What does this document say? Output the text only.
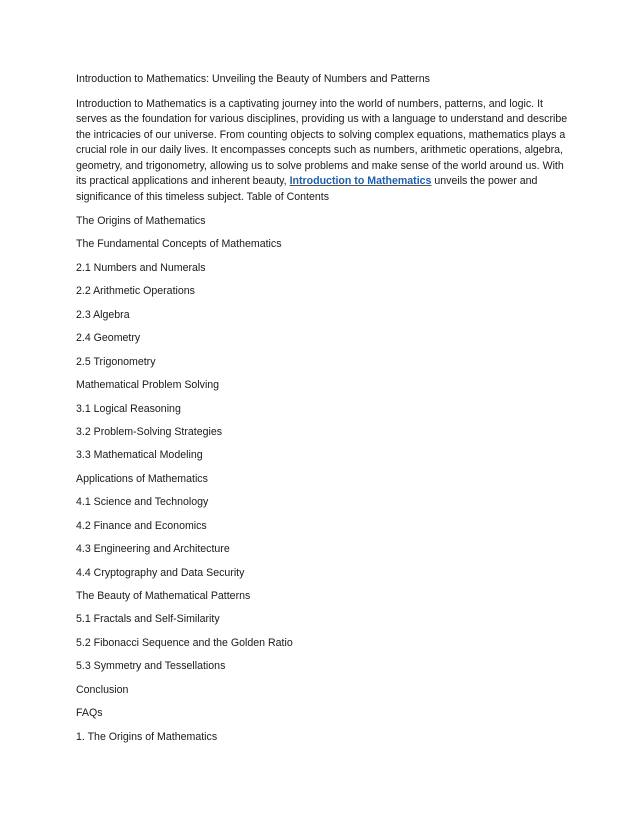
Introduction to Mathematics: Unveiling the Beauty of Numbers and Patterns

Introduction to Mathematics is a captivating journey into the world of numbers, patterns, and logic. It serves as the foundation for various disciplines, providing us with a language to understand and describe the intricacies of our universe. From counting objects to solving complex equations, mathematics plays a crucial role in our daily lives. It encompasses concepts such as numbers, arithmetic operations, algebra, geometry, and trigonometry, allowing us to solve problems and make sense of the world around us. With its practical applications and inherent beauty, Introduction to Mathematics unveils the power and significance of this timeless subject. Table of Contents

The Origins of Mathematics

The Fundamental Concepts of Mathematics

2.1 Numbers and Numerals

2.2 Arithmetic Operations

2.3 Algebra

2.4 Geometry

2.5 Trigonometry

Mathematical Problem Solving

3.1 Logical Reasoning

3.2 Problem-Solving Strategies

3.3 Mathematical Modeling

Applications of Mathematics

4.1 Science and Technology

4.2 Finance and Economics

4.3 Engineering and Architecture

4.4 Cryptography and Data Security

The Beauty of Mathematical Patterns

5.1 Fractals and Self-Similarity

5.2 Fibonacci Sequence and the Golden Ratio

5.3 Symmetry and Tessellations

Conclusion

FAQs

1. The Origins of Mathematics
